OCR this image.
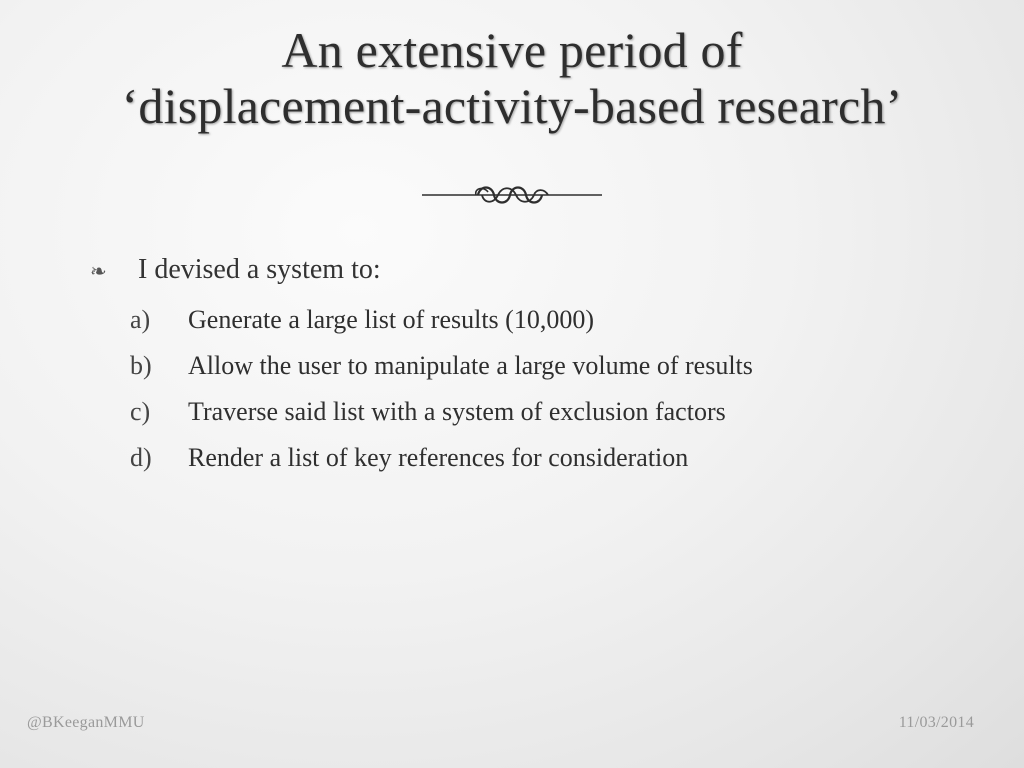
An extensive period of
‘displacement-activity-based research’
❧	I devised a system to:
a)	Generate a large list of results (10,000)
b)	Allow the user to manipulate a large volume of results
c)	Traverse said list with a system of exclusion factors
d)	Render a list of key references for consideration
@BKeeganMMU	11/03/2014
